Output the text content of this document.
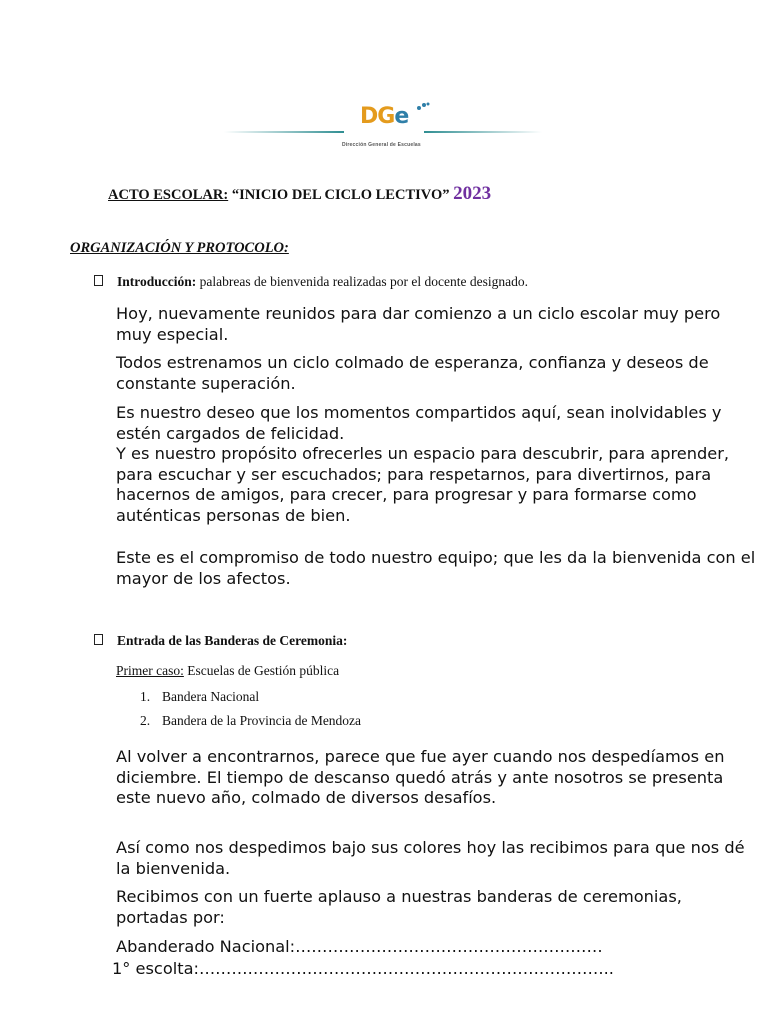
DGe
Dirección General de Escuelas
ACTO ESCOLAR: “INICIO DEL CICLO LECTIVO” 2023
ORGANIZACIÓN Y PROTOCOLO:
Introducción: palabreas de bienvenida realizadas por el docente designado.

Hoy, nuevamente reunidos para dar comienzo a un ciclo escolar muy pero muy especial.

Todos estrenamos un ciclo colmado de esperanza, confianza y deseos de constante superación.

Es nuestro deseo que los momentos compartidos aquí, sean inolvidables y estén cargados de felicidad.

Y es nuestro propósito ofrecerles un espacio para descubrir, para aprender, para escuchar y ser escuchados; para respetarnos, para divertirnos, para hacernos de amigos, para crecer, para progresar y para formarse como auténticas personas de bien.

Este es el compromiso de todo nuestro equipo; que les da la bienvenida con el mayor de los afectos.

Entrada de las Banderas de Ceremonia:
Primer caso: Escuelas de Gestión pública
1. Bandera Nacional
2. Bandera de la Provincia de Mendoza

Al volver a encontrarnos, parece que fue ayer cuando nos despedíamos en diciembre. El tiempo de descanso quedó atrás y ante nosotros se presenta este nuevo año, colmado de diversos desafíos.

Así como nos despedimos bajo sus colores hoy las recibimos para que nos dé la bienvenida.

Recibimos con un fuerte aplauso a nuestras banderas de ceremonias, portadas por:

Abanderado Nacional:…………………………………………………

1° escolta:…………………………………………………………………..
